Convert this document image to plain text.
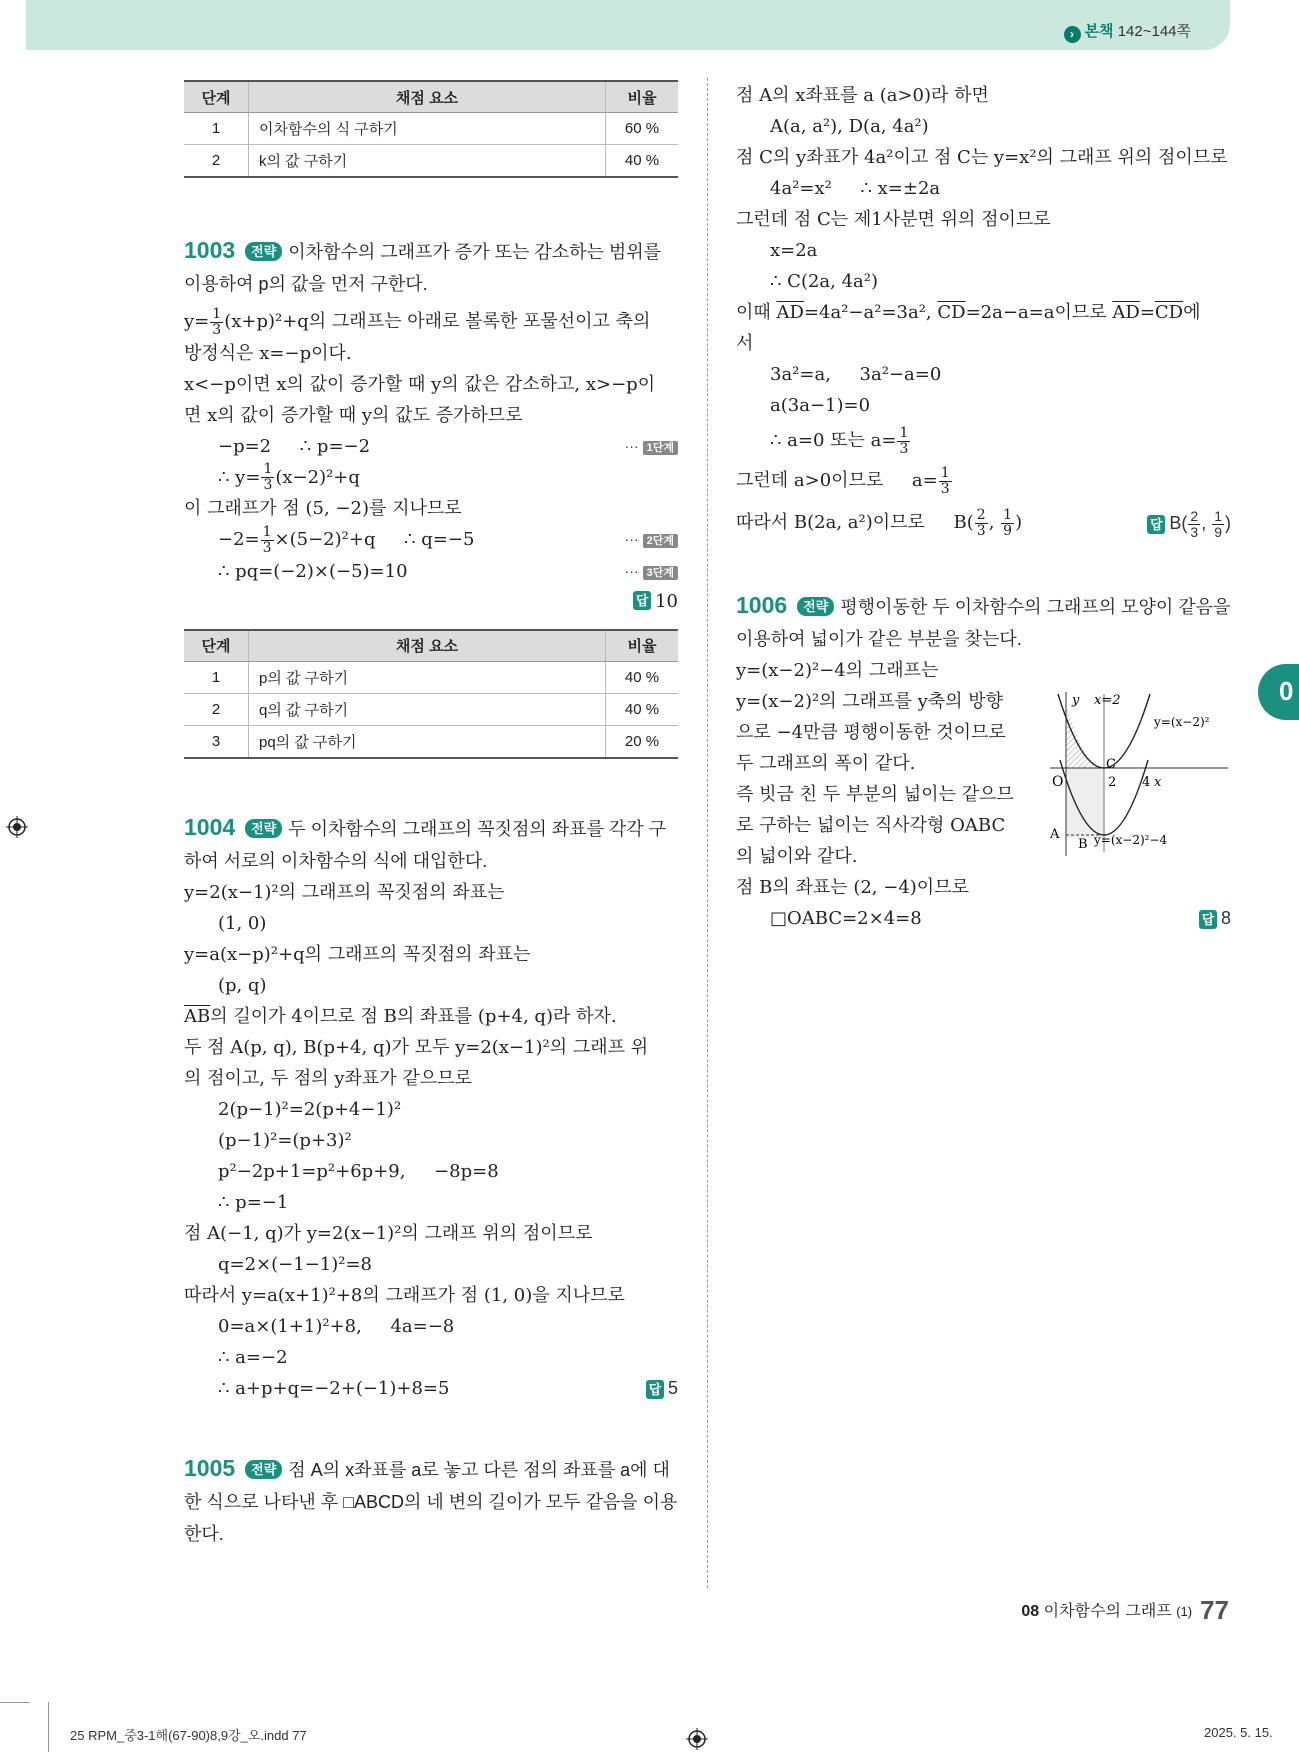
› 본책 142~144쪽
단계	채점 요소	비율
1	이차함수의 식 구하기	60 %
2	k의 값 구하기	40 %

1003 전략 이차함수의 그래프가 증가 또는 감소하는 범위를 이용하여 p의 값을 먼저 구한다.

$y= \frac{1}{3} (x+p)^2+q$의 그래프는 아래로 볼록한 포물선이고 축의
방정식은 x=−p이다.
x<−p이면 x의 값이 증가할 때 y의 값은 감소하고, x>−p이
면 x의 값이 증가할 때 y의 값도 증가하므로
−p=2     ∴ p=−2	··· 1단계
∴ $y= \frac{1}{3} (x-2)^2+q$
이 그래프가 점 (5, −2)를 지나므로
$-2= \frac{1}{3} \times(5-2)^2+q$     ∴ q=−5	··· 2단계
∴ pq=(−2)×(−5)=10	··· 3단계
답 10
단계	채점 요소	비율
1	p의 값 구하기	40 %
2	q의 값 구하기	40 %
3	pq의 값 구하기	20 %

1004 전략 두 이차함수의 그래프의 꼭짓점의 좌표를 각각 구하여 서로의 이차함수의 식에 대입한다.

y=2(x−1)²의 그래프의 꼭짓점의 좌표는
(1, 0)
y=a(x−p)²+q의 그래프의 꼭짓점의 좌표는
(p, q)
$\overline{AB}$의 길이가 4이므로 점 B의 좌표를 (p+4, q)라 하자.
두 점 A(p, q), B(p+4, q)가 모두 y=2(x−1)²의 그래프 위
의 점이고, 두 점의 y좌표가 같으므로
2(p−1)²=2(p+4−1)²
(p−1)²=(p+3)²
p²−2p+1=p²+6p+9,     −8p=8
∴ p=−1
점 A(−1, q)가 y=2(x−1)²의 그래프 위의 점이므로
q=2×(−1−1)²=8
따라서 y=a(x+1)²+8의 그래프가 점 (1, 0)을 지나므로
0=a×(1+1)²+8,     4a=−8
∴ a=−2
∴ a+p+q=−2+(−1)+8=5	답 5

1005 전략 점 A의 x좌표를 a로 놓고 다른 점의 좌표를 a에 대한 식으로 나타낸 후 □ABCD의 네 변의 길이가 모두 같음을 이용한다.

점 A의 x좌표를 a (a>0)라 하면
A(a, a²), D(a, 4a²)
점 C의 y좌표가 4a²이고 점 C는 y=x²의 그래프 위의 점이므로
4a²=x²     ∴ x=±2a
그런데 점 C는 제1사분면 위의 점이므로
x=2a
∴ C(2a, 4a²)
이때 $\overline{AD}=4a^2-a^2=3a^2$, $\overline{CD}=2a-a=a$이므로 $\overline{AD}=\overline{CD}$에
서
3a²=a,     3a²−a=0
a(3a−1)=0
∴ a=0 또는 $a= \frac{1}{3}$
그런데 a>0이므로     $a= \frac{1}{3}$
따라서 B(2a, a²)이므로     $B( \frac{2}{3}$ , $\frac{1}{9}$ )	답 $B( \frac{2}{3}$ , $\frac{1}{9}$ )

1006 전략 평행이동한 두 이차함수의 그래프의 모양이 같음을 이용하여 넓이가 같은 부분을 찾는다.

y=(x−2)²−4의 그래프는
y=(x−2)²의 그래프를 y축의 방향
으로 −4만큼 평행이동한 것이므로
두 그래프의 폭이 같다.
즉 빗금 친 두 부분의 넓이는 같으므
로 구하는 넓이는 직사각형 OABC
의 넓이와 같다.
점 B의 좌표는 (2, −4)이므로
□OABC=2×4=8	답 8
O	2 4 x
y x=2
C
A
B
y=(x−2)²
y=(x−2)²−4
0
08 이차함수의 그래프 (1) 77
25 RPM_중3-1해(67-90)8,9강_오.indd 77	2025. 5. 15.
